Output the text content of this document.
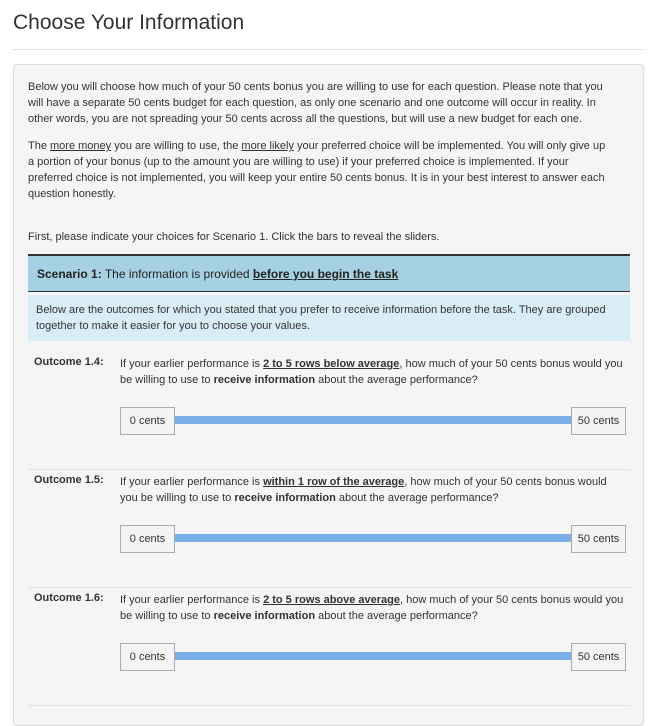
Choose Your Information

Below you will choose how much of your 50 cents bonus you are willing to use for each question. Please note that you will have a separate 50 cents budget for each question, as only one scenario and one outcome will occur in reality. In other words, you are not spreading your 50 cents across all the questions, but will use a new budget for each one.

The more money you are willing to use, the more likely your preferred choice will be implemented. You will only give up a portion of your bonus (up to the amount you are willing to use) if your preferred choice is implemented. If your preferred choice is not implemented, you will keep your entire 50 cents bonus. It is in your best interest to answer each question honestly.

First, please indicate your choices for Scenario 1. Click the bars to reveal the sliders.

Scenario 1: The information is provided before you begin the task
Below are the outcomes for which you stated that you prefer to receive information before the task. They are grouped together to make it easier for you to choose your values.
Outcome 1.4: If your earlier performance is 2 to 5 rows below average, how much of your 50 cents bonus would you be willing to use to receive information about the average performance?
0 cents	50 cents
Outcome 1.5: If your earlier performance is within 1 row of the average, how much of your 50 cents bonus would you be willing to use to receive information about the average performance?
0 cents	50 cents
Outcome 1.6: If your earlier performance is 2 to 5 rows above average, how much of your 50 cents bonus would you be willing to use to receive information about the average performance?
0 cents	50 cents
